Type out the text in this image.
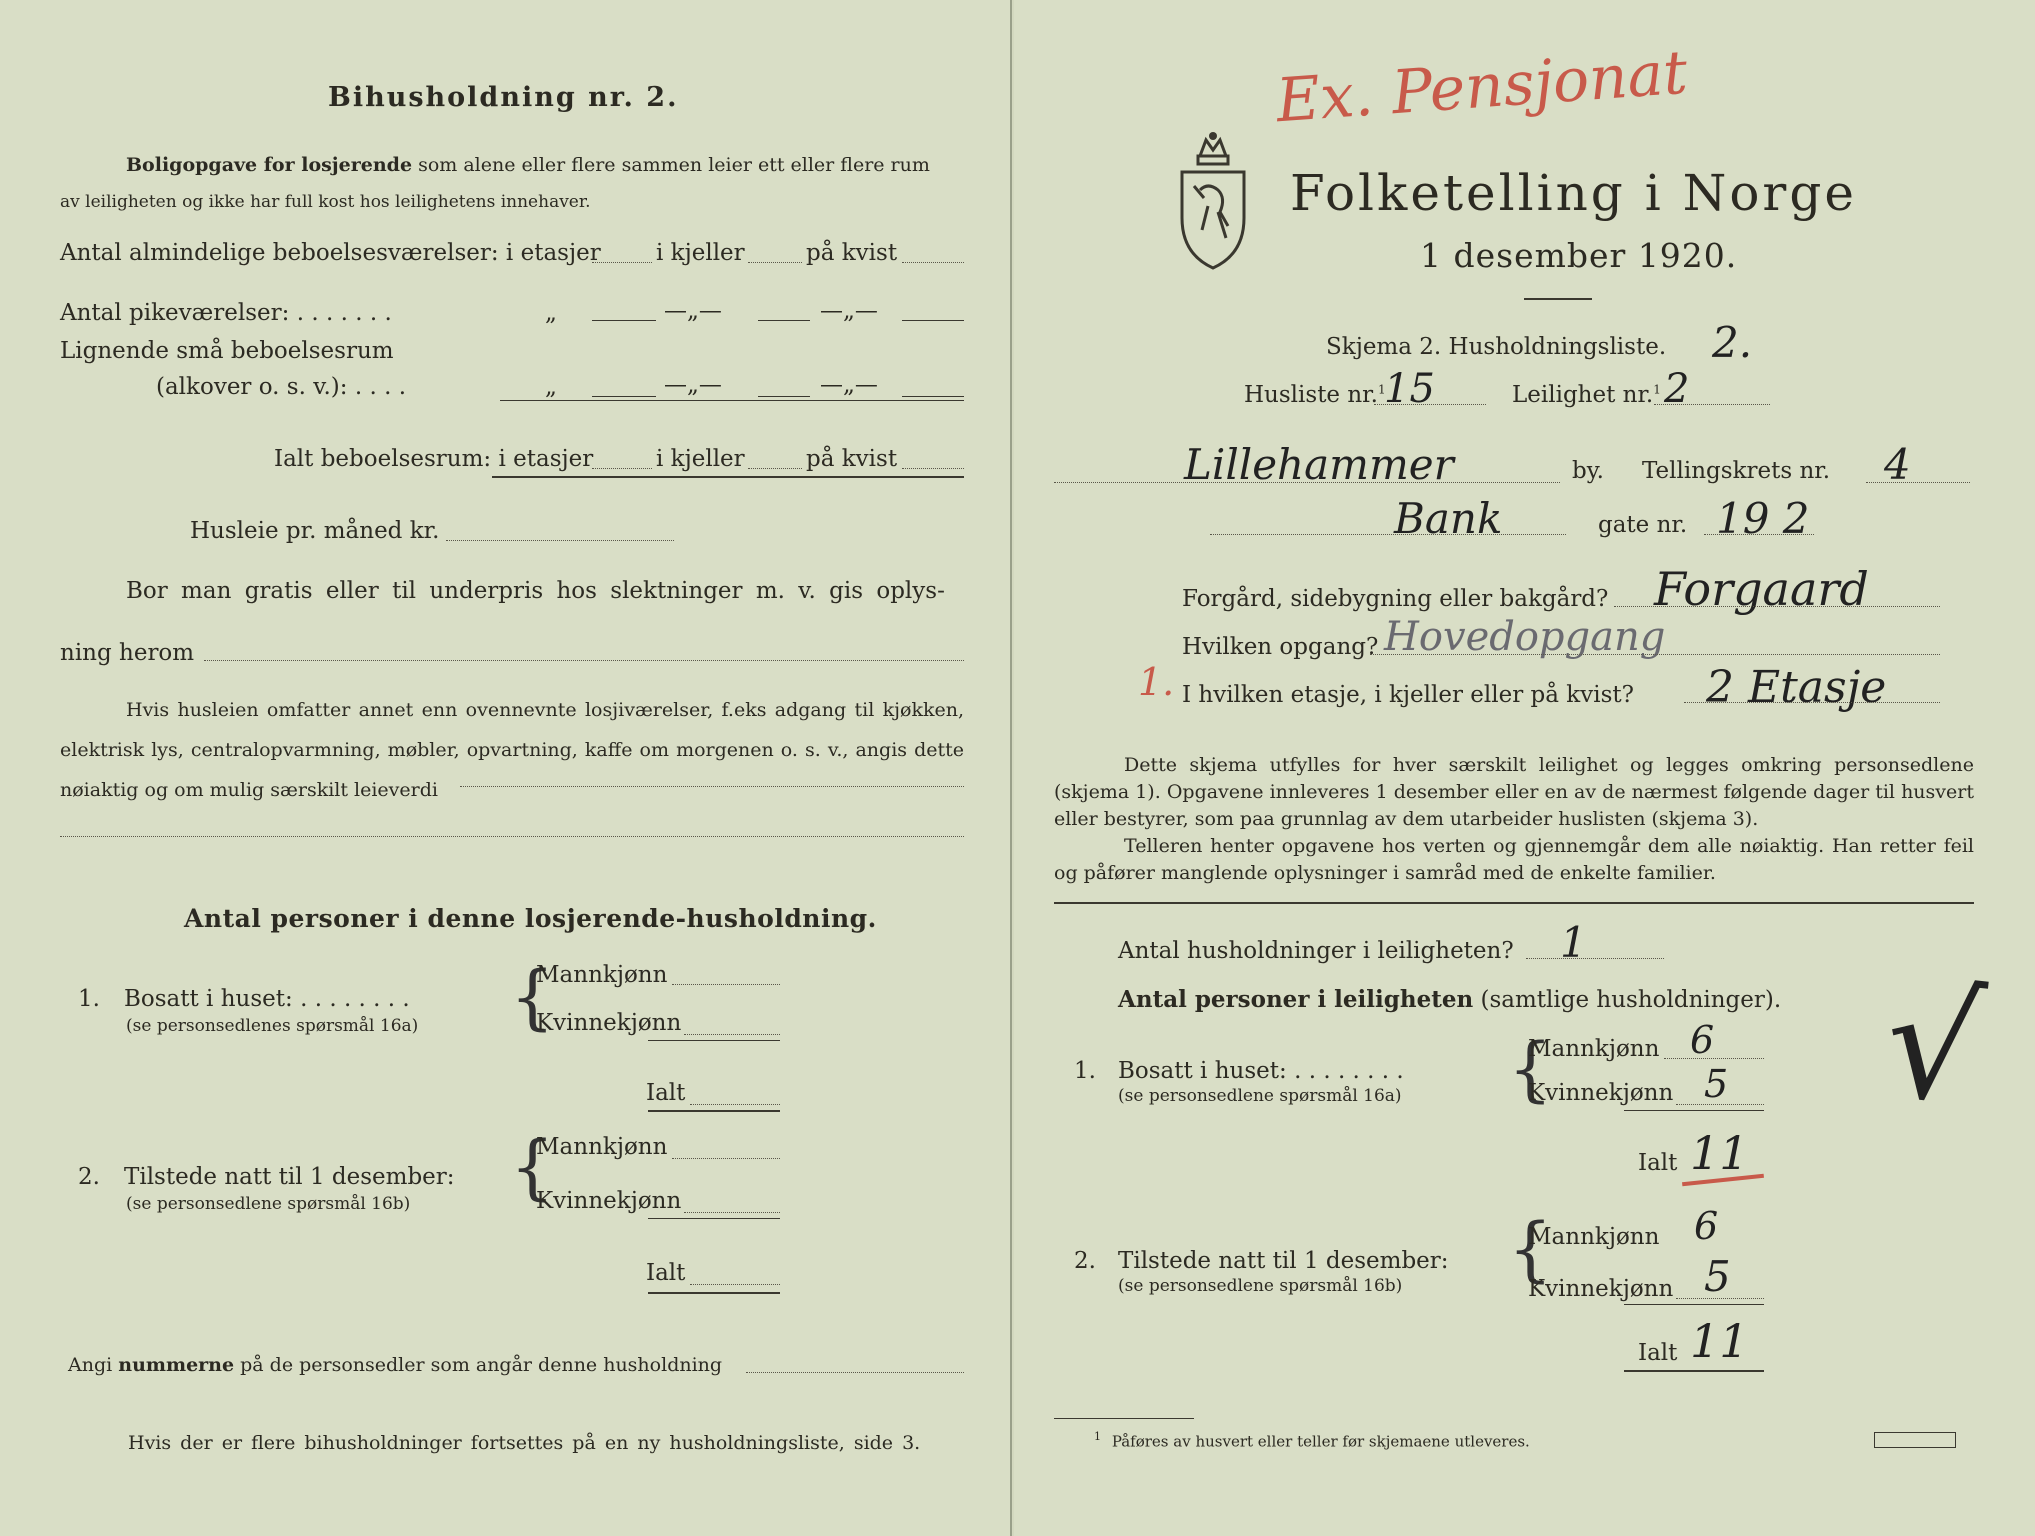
Bihusholdning nr. 2.
Boligopgave for losjerende som alene eller flere sammen leier ett eller flere rum
av leiligheten og ikke har full kost hos leilighetens innehaver.
Antal almindelige beboelsesværelser: i etasjer i kjeller	på kvist
Antal pikeværelser: . . . . . . .	„	—„—	—„—
Lignende små beboelsesrum
(alkover o. s. v.): . . . .	„	—„—	—„—
Ialt beboelsesrum: i etasjer	i kjeller	på kvist
Husleie pr. måned kr.
Bor man gratis eller til underpris hos slektninger m. v. gis oplys-
ning herom
Hvis husleien omfatter annet enn ovennevnte losjiværelser, f.eks adgang til kjøkken, elektrisk lys, centralopvarmning, møbler, opvartning, kaffe om morgenen o. s. v., angis dette nøiaktig og om mulig særskilt leieverdi
Antal personer i denne losjerende-husholdning.
1. Bosatt i huset: . . . . . . . .
(se personsedlenes spørsmål 16a) {
Mannkjønn
Kvinnekjønn
Ialt
2. Tilstede natt til 1 desember:
(se personsedlene spørsmål 16b) {
Mannkjønn
Kvinnekjønn
Ialt
Angi nummerne på de personsedler som angår denne husholdning
Hvis der er flere bihusholdninger fortsettes på en ny husholdningsliste, side 3.
Ex. Pensjonat
Folketelling i Norge
1 desember 1920.
Skjema 2. Husholdningsliste. 2.
Husliste nr.$^1$
15	Leilighet nr.$^1$ 2
Lillehammer	by. Tellingskrets nr. 4
Bank	gate nr. 19 2
Forgård, sidebygning eller bakgård? Forgaard
Hvilken opgang? Hovedopgang
1. I hvilken etasje, i kjeller eller på kvist? 2 Etasje
Dette skjema utfylles for hver særskilt leilighet og legges omkring personsedlene (skjema 1). Opgavene innleveres 1 desember eller en av de nærmest følgende dager til husvert eller bestyrer, som paa grunnlag av dem utarbeider huslisten (skjema 3).
Telleren henter opgavene hos verten og gjennemgår dem alle nøiaktig. Han retter feil og påfører manglende oplysninger i samråd med de enkelte familier.
Antal husholdninger i leiligheten? 1
Antal personer i leiligheten (samtlige husholdninger).
1. Bosatt i huset: . . . . . . . .
(se personsedlene spørsmål 16a) {
Mannkjønn 6
Kvinnekjønn 5
Ialt 11
√
2. Tilstede natt til 1 desember:
(se personsedlene spørsmål 16b) {
Mannkjønn 6
Kvinnekjønn 5
Ialt 11
$^1$ Påføres av husvert eller teller før skjemaene utleveres.
